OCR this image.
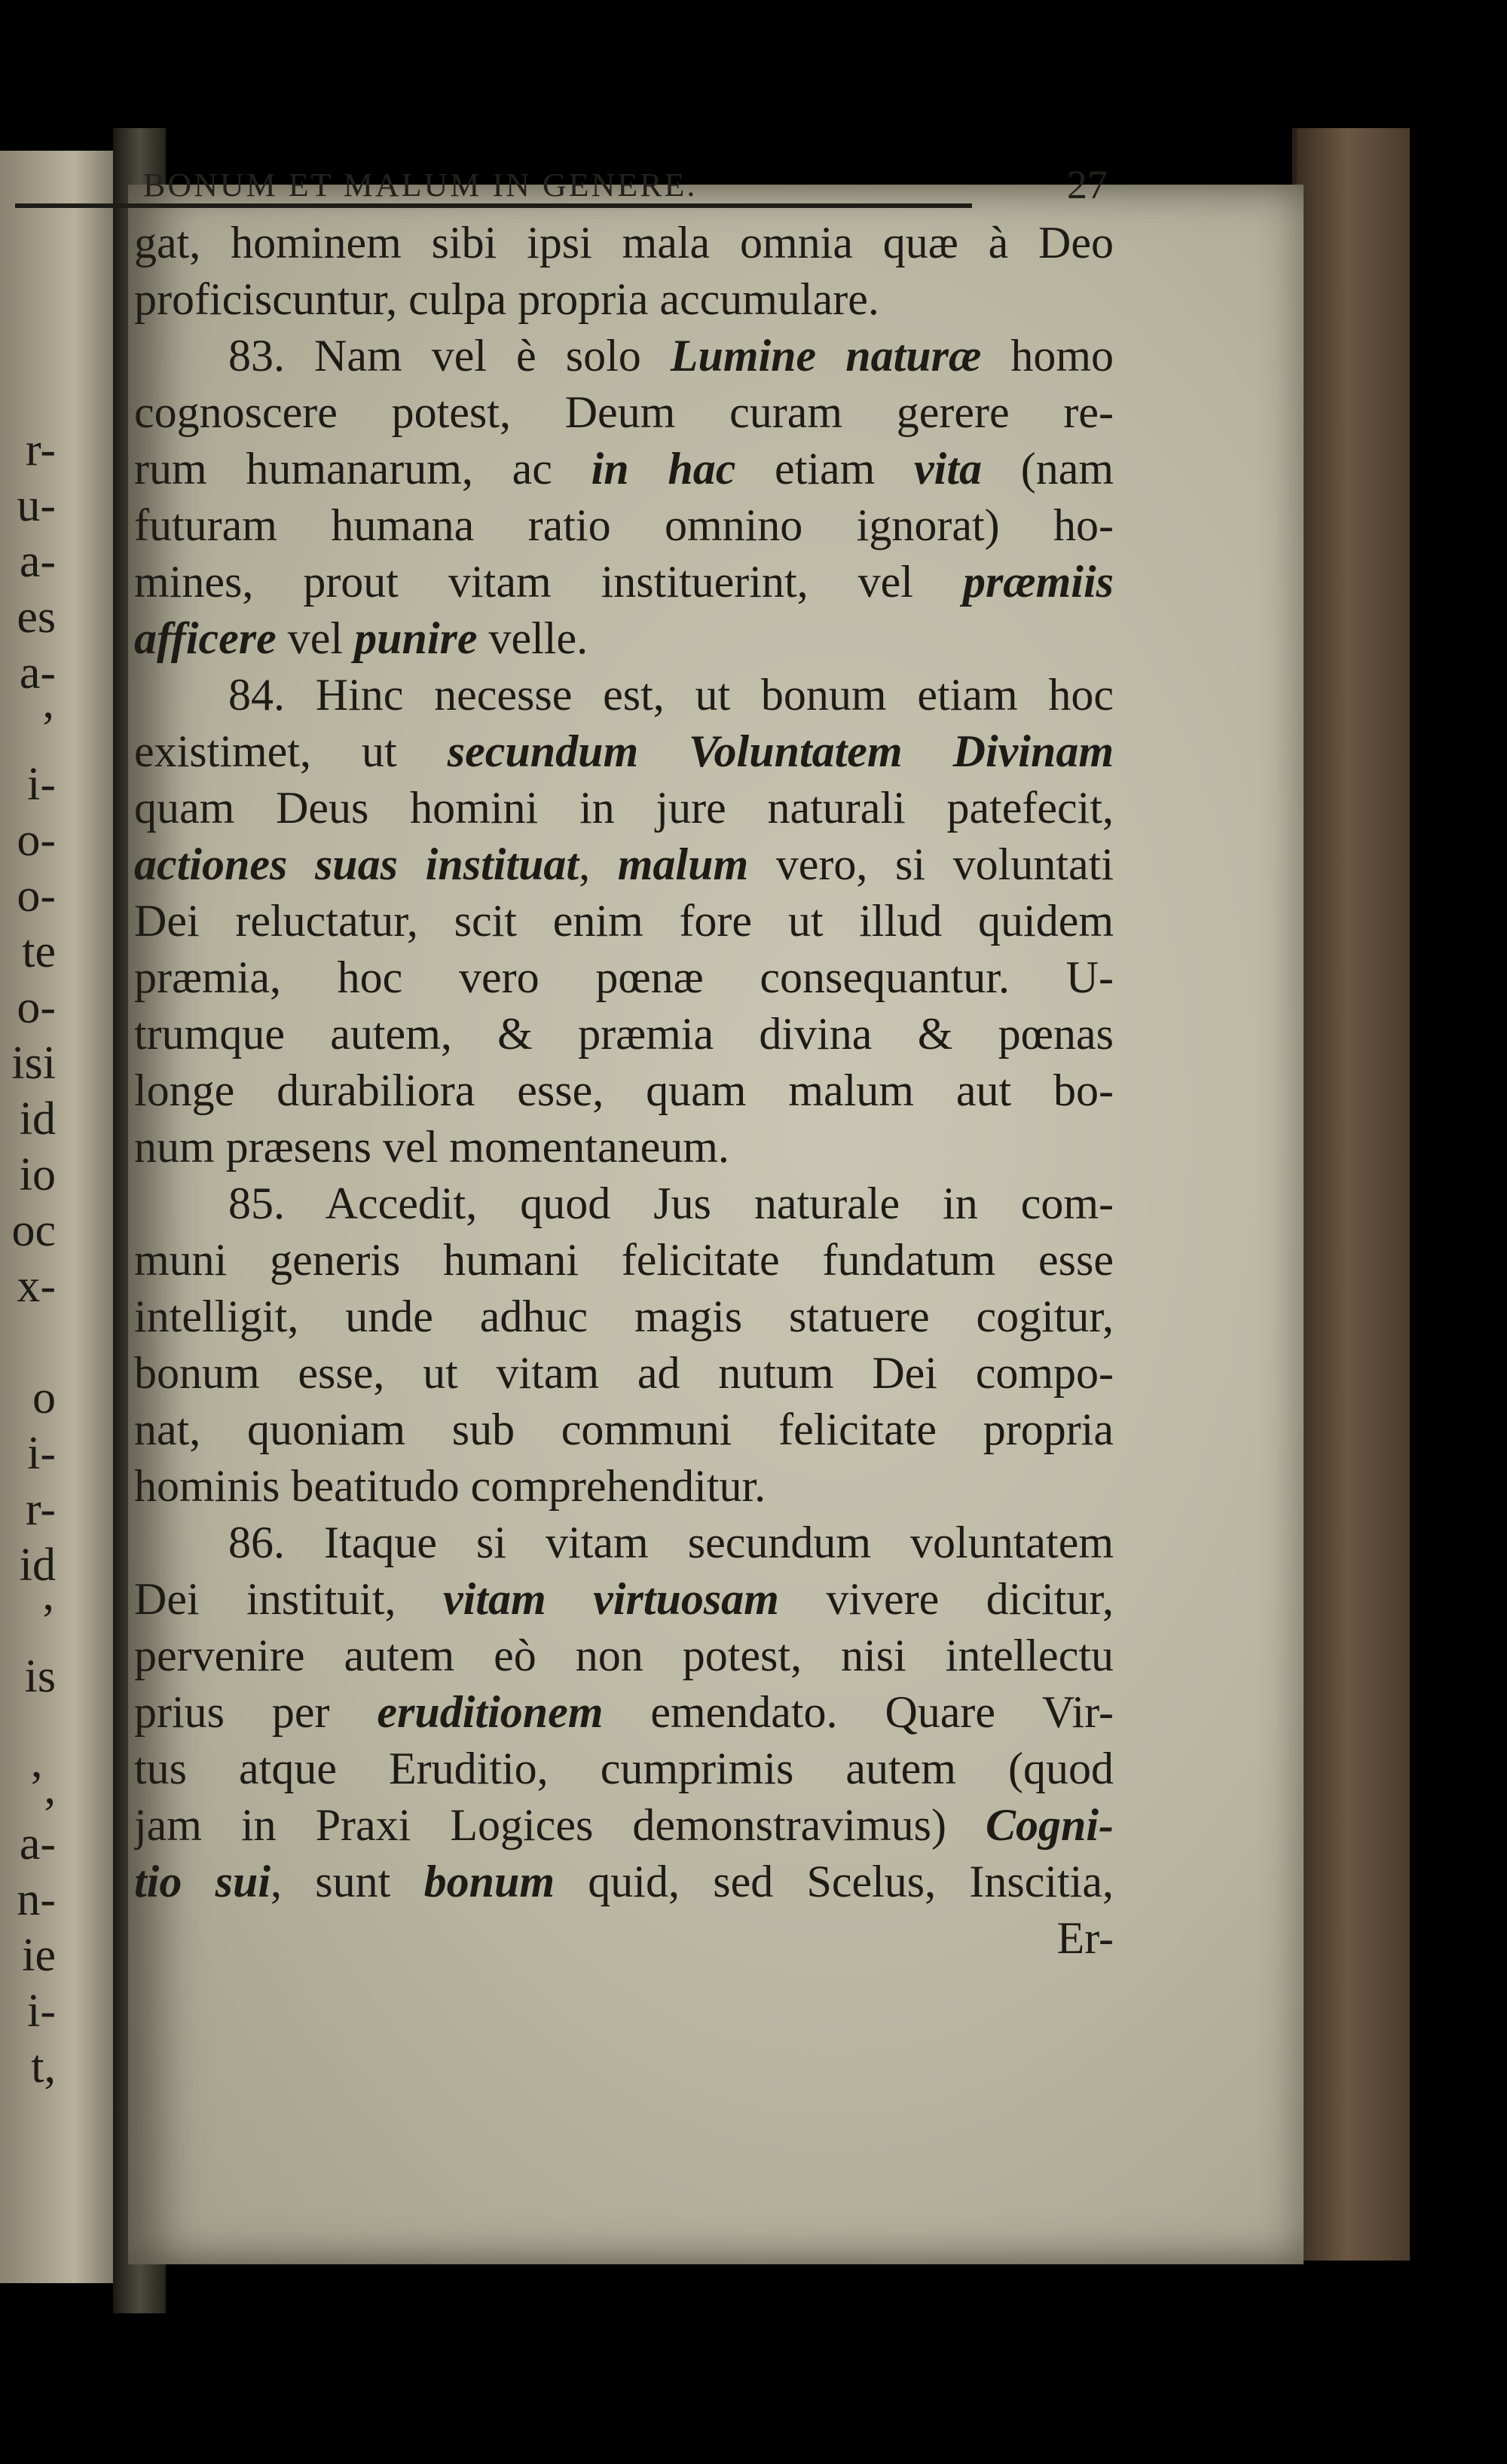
r-
u-
a-
es
a-
’
i-
o-
o-
te
o-
isi
id
io
oc
x-
o
i-
r-
id
’
is
’,
a-
n-
ie
i-
t,
BONUM ET MALUM IN GENERE.	27
gat, hominem sibi ipsi mala omnia quæ à Deo
proficiscuntur, culpa propria accumulare.
83. Nam vel è solo Lumine naturæ homo
cognoscere potest, Deum curam gerere re-
rum humanarum, ac in hac etiam vita (nam
futuram humana ratio omnino ignorat) ho-
mines, prout vitam instituerint, vel præmiis
afficere vel punire velle.
84. Hinc necesse est, ut bonum etiam hoc
existimet, ut secundum Voluntatem Divinam
quam Deus homini in jure naturali patefecit,
actiones suas instituat, malum vero, si voluntati
Dei reluctatur, scit enim fore ut illud quidem
præmia, hoc vero pœnæ consequantur. U-
trumque autem, & præmia divina & pœnas
longe durabiliora esse, quam malum aut bo-
num præsens vel momentaneum.
85. Accedit, quod Jus naturale in com-
muni generis humani felicitate fundatum esse
intelligit, unde adhuc magis statuere cogitur,
bonum esse, ut vitam ad nutum Dei compo-
nat, quoniam sub communi felicitate propria
hominis beatitudo comprehenditur.
86. Itaque si vitam secundum voluntatem
Dei instituit, vitam virtuosam vivere dicitur,
pervenire autem eò non potest, nisi intellectu
prius per eruditionem emendato. Quare Vir-
tus atque Eruditio, cumprimis autem (quod
jam in Praxi Logices demonstravimus) Cogni-
tio sui, sunt bonum quid, sed Scelus, Inscitia,
Er-
